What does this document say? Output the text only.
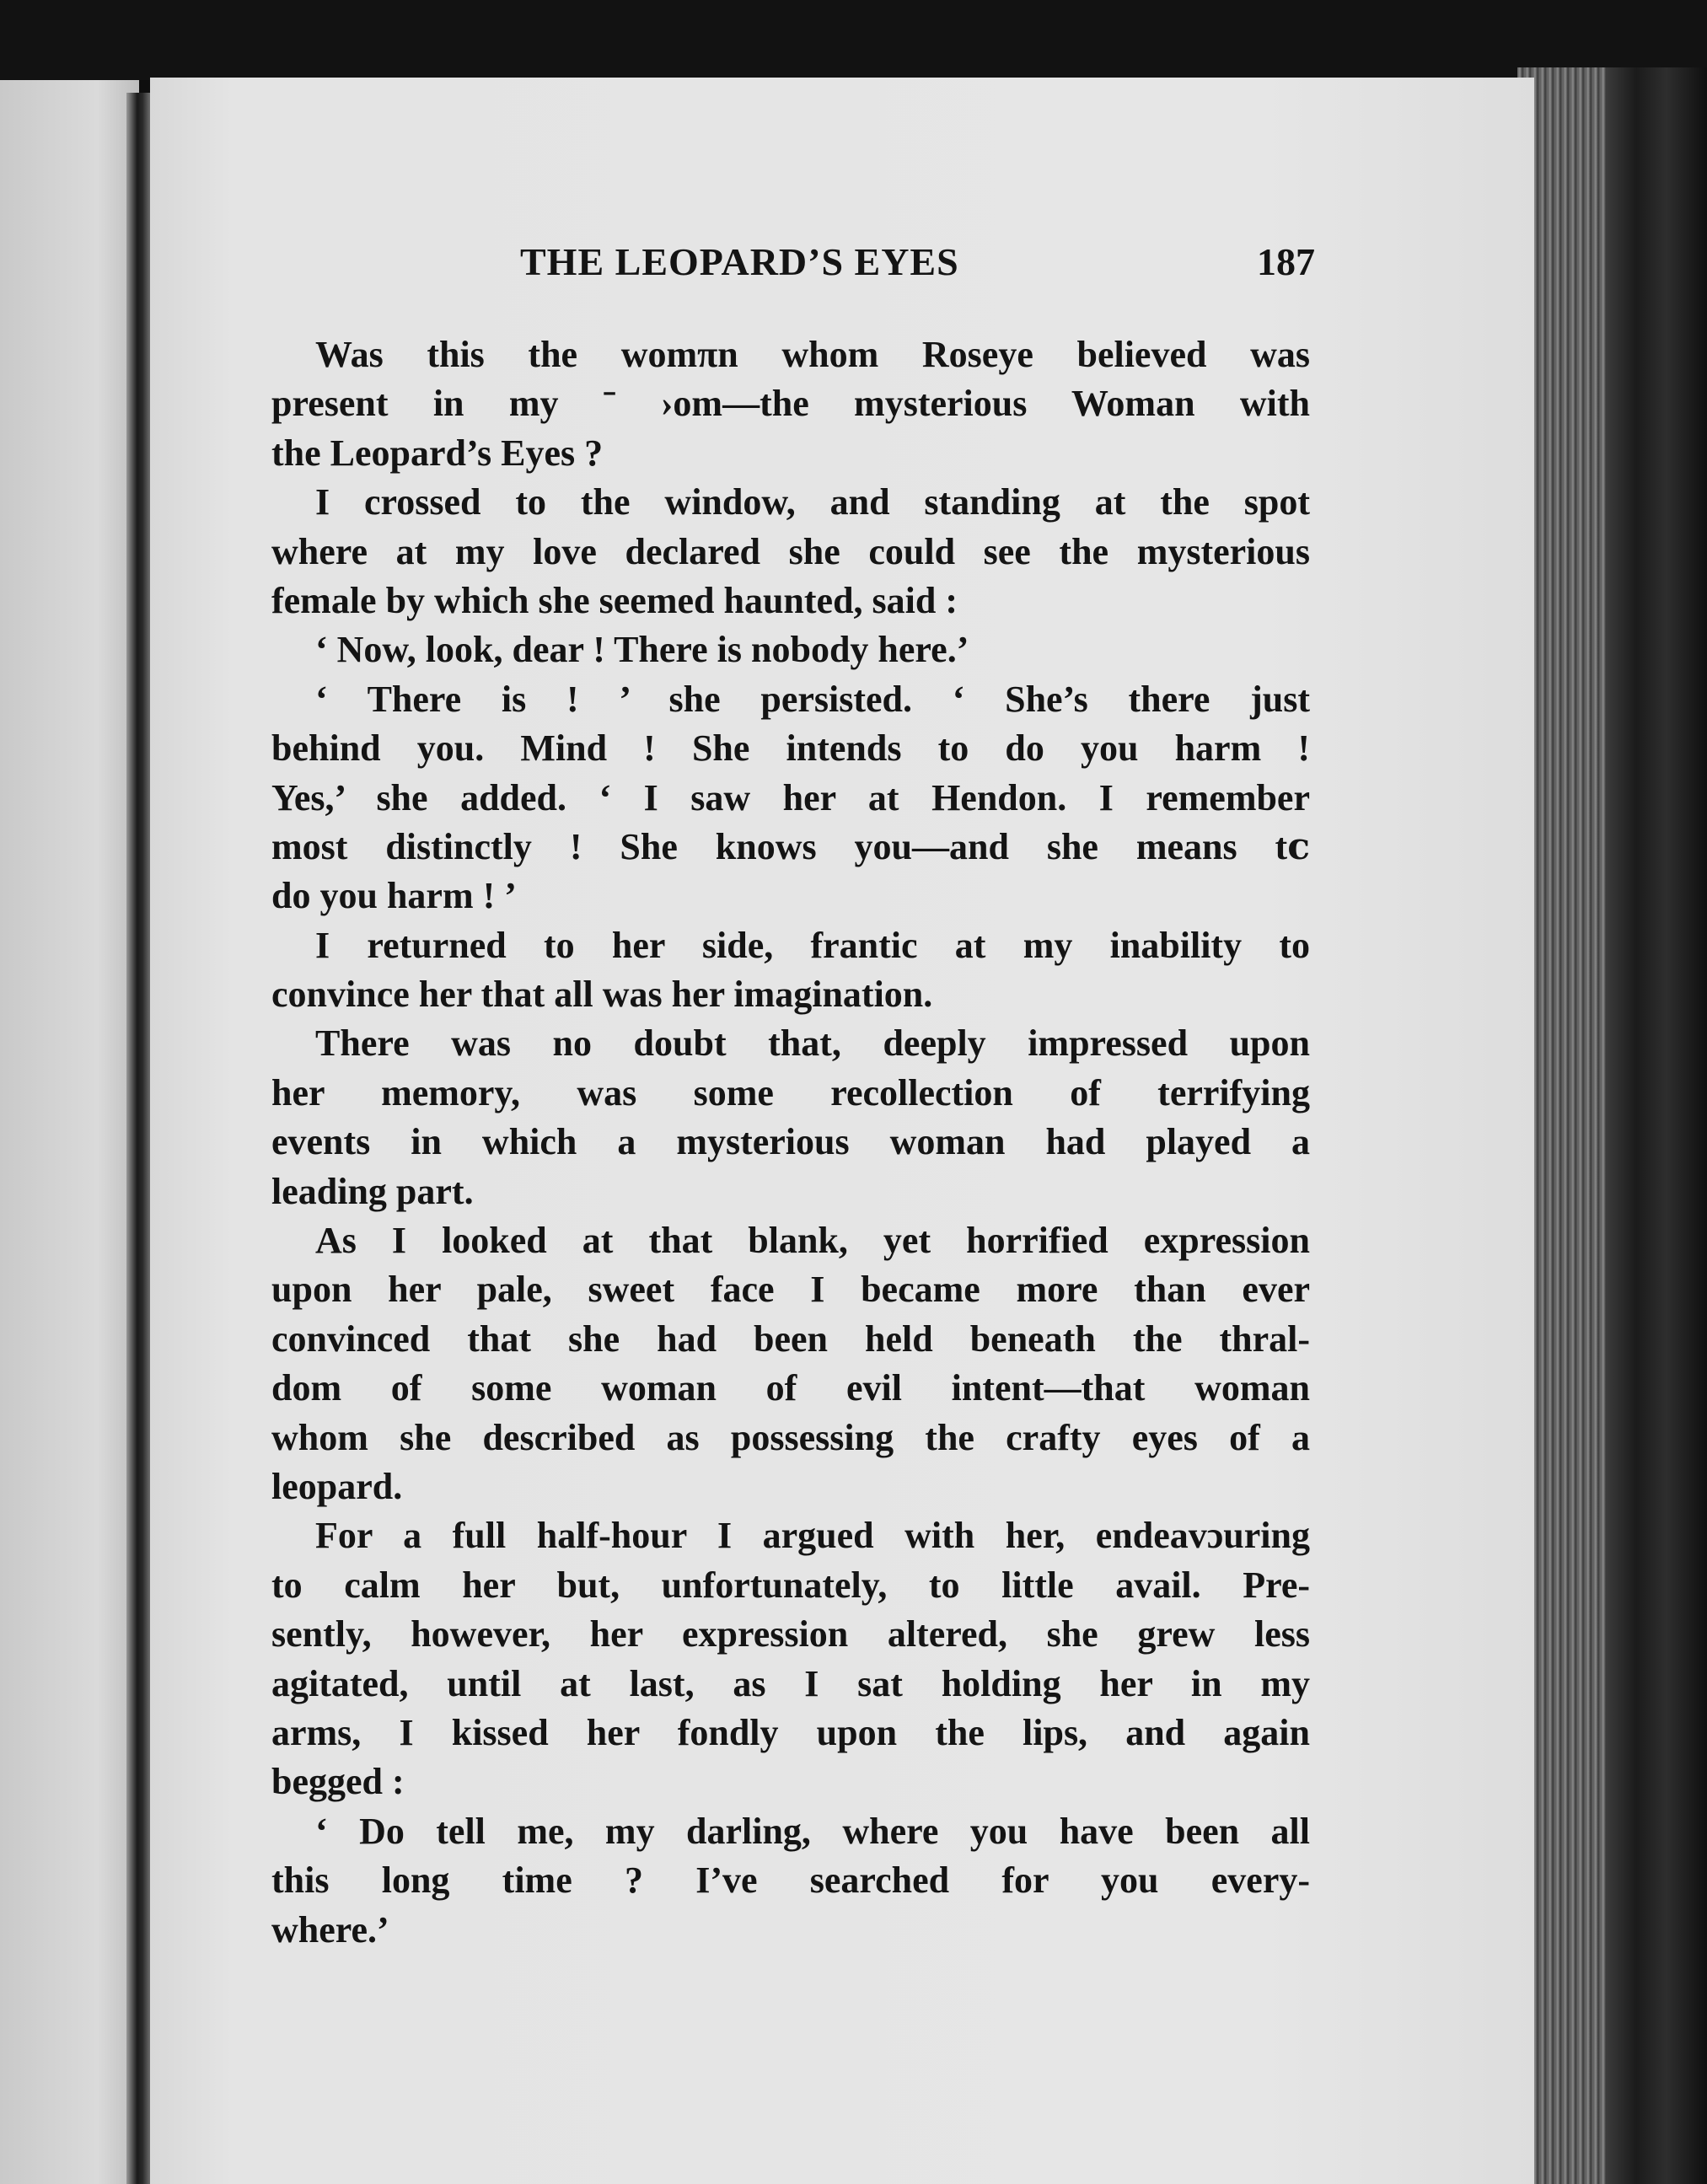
THE LEOPARD’S EYES	187
Was this the womπn whom Roseye believed was
present in my ˉ ›om—the mysterious Woman with
the Leopard’s Eyes ?
I crossed to the window, and standing at the spot
where at my love declared she could see the mysterious
female by which she seemed haunted, said :
‘ Now, look, dear ! There is nobody here.’
‘ There is ! ’ she persisted. ‘ She’s there just
behind you. Mind ! She intends to do you harm !
Yes,’ she added. ‘ I saw her at Hendon. I remember
most distinctly ! She knows you—and she means tⅽ
do you harm ! ’
I returned to her side, frantic at my inability to
convince her that all was her imagination.
There was no doubt that, deeply impressed upon
her memory, was some recollection of terrifying
events in which a mysterious woman had played a
leading part.
As I looked at that blank, yet horrified expression
upon her pale, sweet face I became more than ever
convinced that she had been held beneath the thral-
dom of some woman of evil intent—that woman
whom she described as possessing the crafty eyes of a
leopard.
For a full half-hour I argued with her, endeavɔuring
to calm her but, unfortunately, to little avail. Pre-
sently, however, her expression altered, she grew less
agitated, until at last, as I sat holding her in my
arms, I kissed her fondly upon the lips, and again
begged :
‘ Do tell me, my darling, where you have been all
this long time ? I’ve searched for you every-
where.’
